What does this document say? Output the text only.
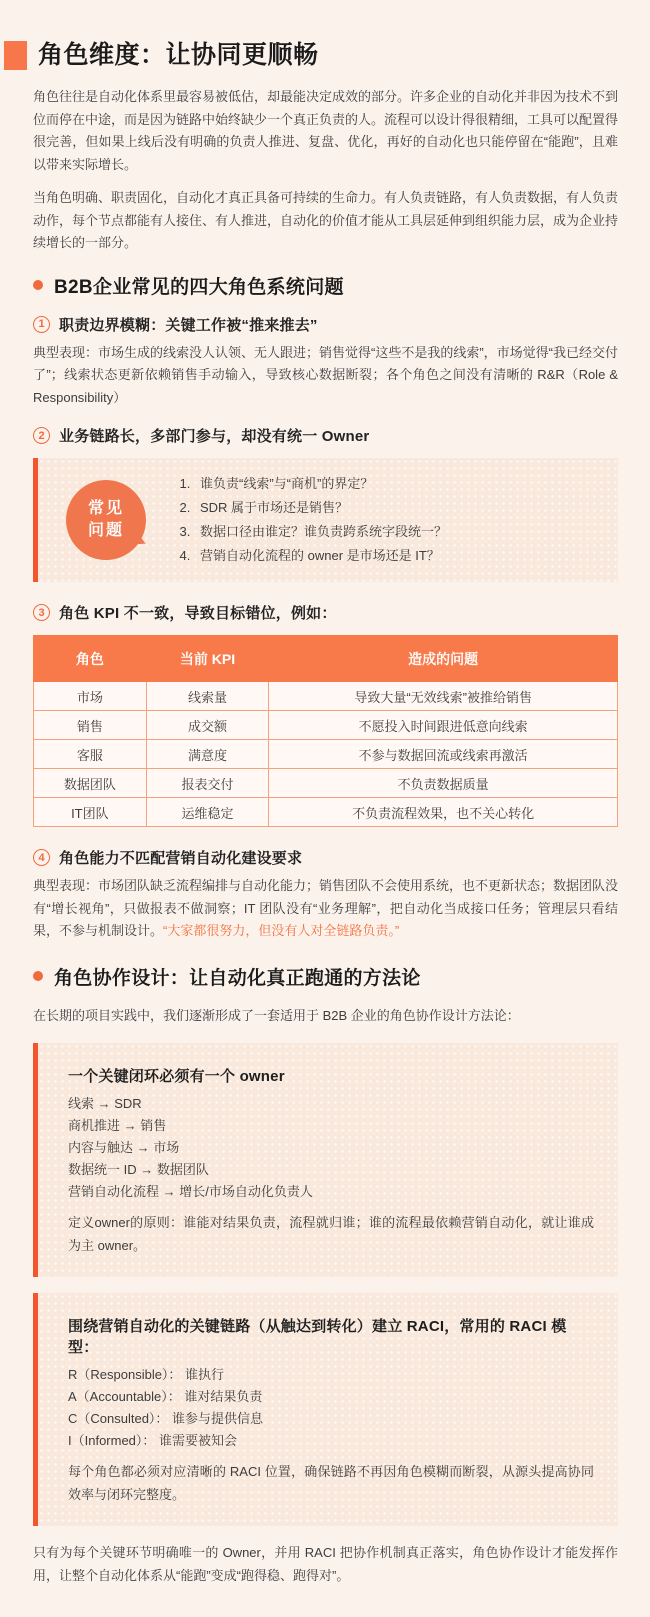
角色维度：让协同更顺畅

角色往往是自动化体系里最容易被低估，却最能决定成效的部分。许多企业的自动化并非因为技术不到位而停在中途，而是因为链路中始终缺少一个真正负责的人。流程可以设计得很精细，工具可以配置得很完善，但如果上线后没有明确的负责人推进、复盘、优化，再好的自动化也只能停留在“能跑”，且难以带来实际增长。

当角色明确、职责固化，自动化才真正具备可持续的生命力。有人负责链路，有人负责数据，有人负责动作，每个节点都能有人接住、有人推进，自动化的价值才能从工具层延伸到组织能力层，成为企业持续增长的一部分。

B2B企业常见的四大角色系统问题
1 职责边界模糊：关键工作被“推来推去”

典型表现：市场生成的线索没人认领、无人跟进；销售觉得“这些不是我的线索”，市场觉得“我已经交付了”；线索状态更新依赖销售手动输入，导致核心数据断裂；各个角色之间没有清晰的 R&R（Role & Responsibility）

2 业务链路长，多部门参与，却没有统一 Owner
常见
问题
1. 谁负责“线索”与“商机”的界定？
2. SDR 属于市场还是销售？
3. 数据口径由谁定？谁负责跨系统字段统一？
4. 营销自动化流程的 owner 是市场还是 IT？
3 角色 KPI 不一致，导致目标错位，例如：
角色	当前 KPI	造成的问题
市场	线索量	导致大量“无效线索”被推给销售
销售	成交额	不愿投入时间跟进低意向线索
客服	满意度	不参与数据回流或线索再激活
数据团队	报表交付	不负责数据质量
IT团队	运维稳定	不负责流程效果，也不关心转化
4 角色能力不匹配营销自动化建设要求

典型表现：市场团队缺乏流程编排与自动化能力；销售团队不会使用系统，也不更新状态；数据团队没有“增长视角”，只做报表不做洞察；IT 团队没有“业务理解”，把自动化当成接口任务；管理层只看结果，不参与机制设计。“大家都很努力，但没有人对全链路负责。”

角色协作设计：让自动化真正跑通的方法论

在长期的项目实践中，我们逐渐形成了一套适用于 B2B 企业的角色协作设计方法论：

一个关键闭环必须有一个 owner
线索 → SDR
商机推进 → 销售
内容与触达 → 市场
数据统一 ID → 数据团队
营销自动化流程 → 增长/市场自动化负责人
定义owner的原则：谁能对结果负责，流程就归谁；谁的流程最依赖营销自动化，就让谁成为主 owner。
围绕营销自动化的关键链路（从触达到转化）建立 RACI，常用的 RACI 模型：
R（Responsible）： 谁执行
A（Accountable）： 谁对结果负责
C（Consulted）： 谁参与提供信息
I（Informed）： 谁需要被知会
每个角色都必须对应清晰的 RACI 位置，确保链路不再因角色模糊而断裂，从源头提高协同效率与闭环完整度。

只有为每个关键环节明确唯一的 Owner，并用 RACI 把协作机制真正落实，角色协作设计才能发挥作用，让整个自动化体系从“能跑”变成“跑得稳、跑得对”。
